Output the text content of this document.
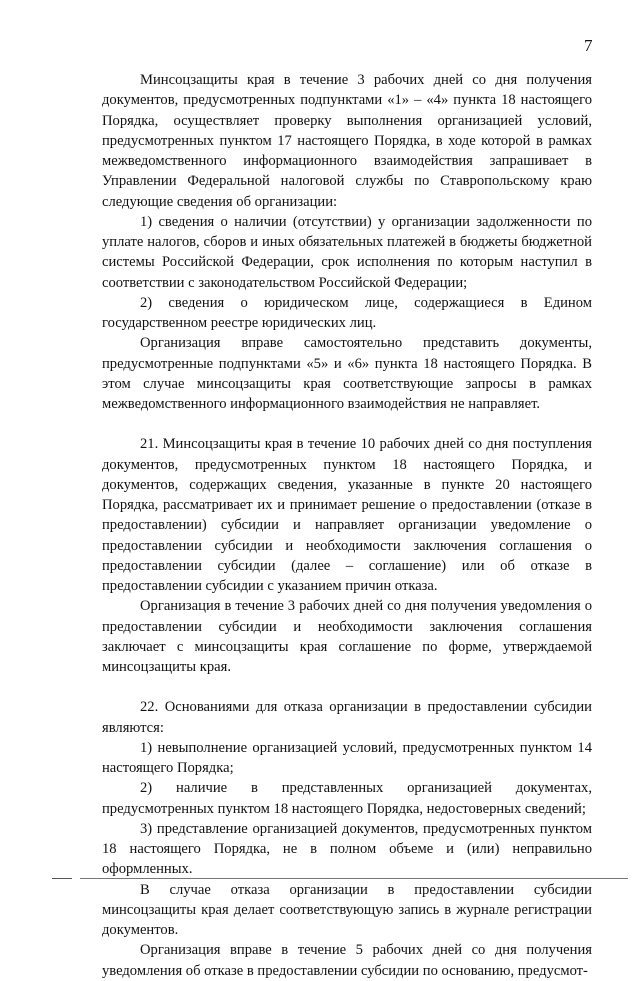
7

Минсоцзащиты края в течение 3 рабочих дней со дня получения документов, предусмотренных подпунктами «1» – «4» пункта 18 настоящего Порядка, осуществляет проверку выполнения организацией условий, предусмотренных пунктом 17 настоящего Порядка, в ходе которой в рамках межведомственного информационного взаимодействия запрашивает в Управлении Федеральной налоговой службы по Ставропольскому краю следующие сведения об организации:

1) сведения о наличии (отсутствии) у организации задолженности по уплате налогов, сборов и иных обязательных платежей в бюджеты бюджетной системы Российской Федерации, срок исполнения по которым наступил в соответствии с законодательством Российской Федерации;

2) сведения о юридическом лице, содержащиеся в Едином государственном реестре юридических лиц.

Организация вправе самостоятельно представить документы, предусмотренные подпунктами «5» и «6» пункта 18 настоящего Порядка. В этом случае минсоцзащиты края соответствующие запросы в рамках межведомственного информационного взаимодействия не направляет.

21. Минсоцзащиты края в течение 10 рабочих дней со дня поступления документов, предусмотренных пунктом 18 настоящего Порядка, и документов, содержащих сведения, указанные в пункте 20 настоящего Порядка, рассматривает их и принимает решение о предоставлении (отказе в предоставлении) субсидии и направляет организации уведомление о предоставлении субсидии и необходимости заключения соглашения о предоставлении субсидии (далее – соглашение) или об отказе в предоставлении субсидии с указанием причин отказа.

Организация в течение 3 рабочих дней со дня получения уведомления о предоставлении субсидии и необходимости заключения соглашения заключает с минсоцзащиты края соглашение по форме, утверждаемой минсоцзащиты края.

22. Основаниями для отказа организации в предоставлении субсидии являются:

1) невыполнение организацией условий, предусмотренных пунктом 14 настоящего Порядка;

2) наличие в представленных организацией документах, предусмотренных пунктом 18 настоящего Порядка, недостоверных сведений;

3) представление организацией документов, предусмотренных пунктом 18 настоящего Порядка, не в полном объеме и (или) неправильно оформленных.

В случае отказа организации в предоставлении субсидии минсоцзащиты края делает соответствующую запись в журнале регистрации документов.

Организация вправе в течение 5 рабочих дней со дня получения уведомления об отказе в предоставлении субсидии по основанию, предусмот-
